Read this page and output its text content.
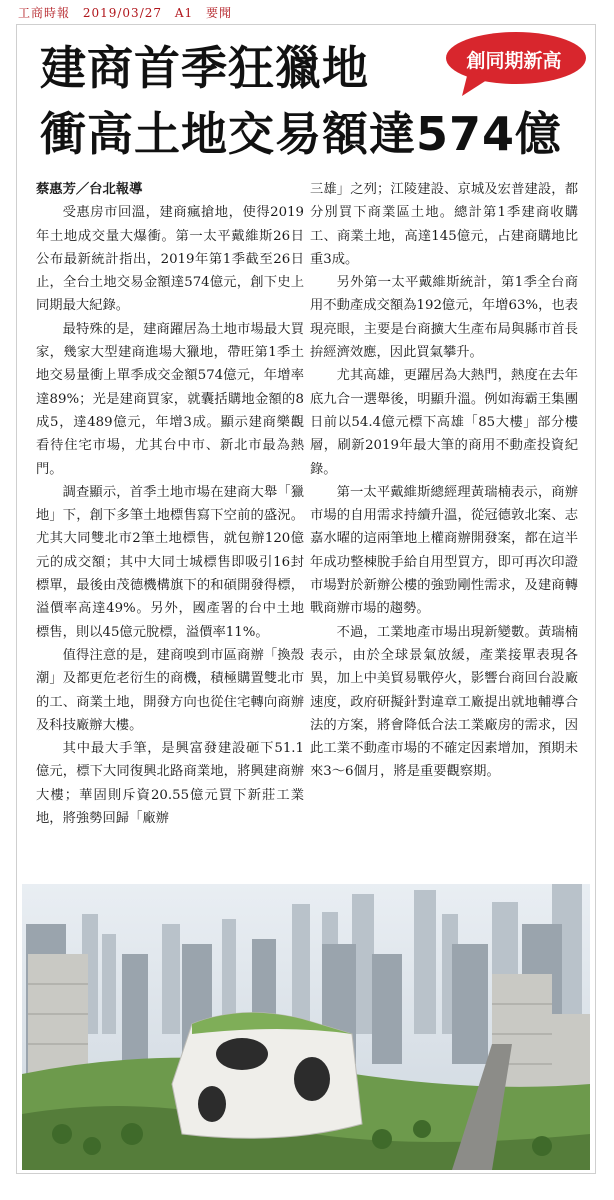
工商時報 2019/03/27 A1 要聞
建商首季狂獵地
衝高土地交易額達574億
創同期新高

蔡惠芳／台北報導

受惠房市回溫，建商瘋搶地，使得2019年土地成交量大爆衝。第一太平戴維斯26日公布最新統計指出，2019年第1季截至26日止，全台土地交易金額達574億元，創下史上同期最大紀錄。

最特殊的是，建商躍居為土地市場最大買家，幾家大型建商進場大獵地，帶旺第1季土地交易量衝上單季成交金額574億元，年增率達89%；光是建商買家，就囊括購地金額的8成5，達489億元，年增3成。顯示建商樂觀看待住宅市場，尤其台中市、新北市最為熱門。

調查顯示，首季土地市場在建商大舉「獵地」下，創下多筆土地標售寫下空前的盛況。尤其大同雙北市2筆土地標售，就包辦120億元的成交額；其中大同士城標售即吸引16封標單，最後由茂德機構旗下的和碩開發得標，溢價率高達49%。另外，國產署的台中土地標售，則以45億元脫標，溢價率11%。

值得注意的是，建商嗅到市區商辦「換殼潮」及都更危老衍生的商機，積極購置雙北市的工、商業土地，開發方向也從住宅轉向商辦及科技廠辦大樓。

其中最大手筆，是興富發建設砸下51.1億元，標下大同復興北路商業地，將興建商辦大樓；華固則斥資20.55億元買下新莊工業地，將強勢回歸「廠辦

三雄」之列；江陵建設、京城及宏普建設，都分別買下商業區土地。總計第1季建商收購工、商業土地，高達145億元，占建商購地比重3成。

另外第一太平戴維斯統計，第1季全台商用不動產成交額為192億元，年增63%，也表現亮眼，主要是台商擴大生產布局與縣市首長拚經濟效應，因此買氣攀升。

尤其高雄，更躍居為大熱門，熱度在去年底九合一選舉後，明顯升溫。例如海霸王集團日前以54.4億元標下高雄「85大樓」部分樓層，刷新2019年最大筆的商用不動產投資紀錄。

第一太平戴維斯總經理黃瑞楠表示，商辦市場的自用需求持續升溫，從冠德敦北案、志嘉水曜的這兩筆地上權商辦開發案，都在這半年成功整棟脫手給自用型買方，即可再次印證市場對於新辦公樓的強勁剛性需求，及建商轉戰商辦市場的趨勢。

不過，工業地產市場出現新變數。黃瑞楠表示，由於全球景氣放緩，產業接單表現各異，加上中美貿易戰停火，影響台商回台設廠速度，政府研擬針對違章工廠提出就地輔導合法的方案，將會降低合法工業廠房的需求，因此工業不動產市場的不確定因素增加，預期未來3～6個月，將是重要觀察期。
